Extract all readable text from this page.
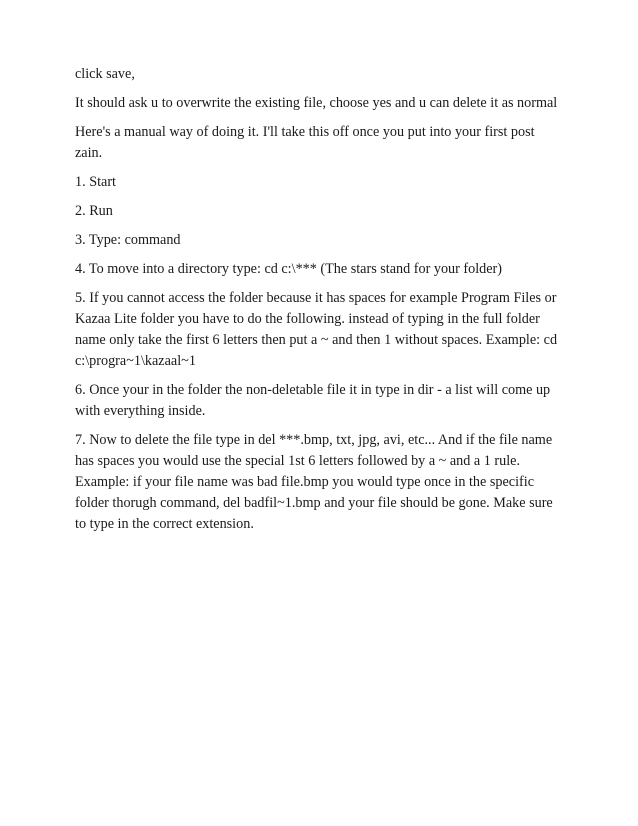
click save,

It should ask u to overwrite the existing file, choose yes and u can delete it as normal

Here's a manual way of doing it. I'll take this off once you put into your first post zain.

1. Start

2. Run

3. Type: command

4. To move into a directory type: cd c:\*** (The stars stand for your folder)

5. If you cannot access the folder because it has spaces for example Program Files or Kazaa Lite folder you have to do the following. instead of typing in the full folder name only take the first 6 letters then put a ~ and then 1 without spaces. Example: cd c:\progra~1\kazaal~1

6. Once your in the folder the non-deletable file it in type in dir - a list will come up with everything inside.

7. Now to delete the file type in del ***.bmp, txt, jpg, avi, etc... And if the file name has spaces you would use the special 1st 6 letters followed by a ~ and a 1 rule. Example: if your file name was bad file.bmp you would type once in the specific folder thorugh command, del badfil~1.bmp and your file should be gone. Make sure to type in the correct extension.
